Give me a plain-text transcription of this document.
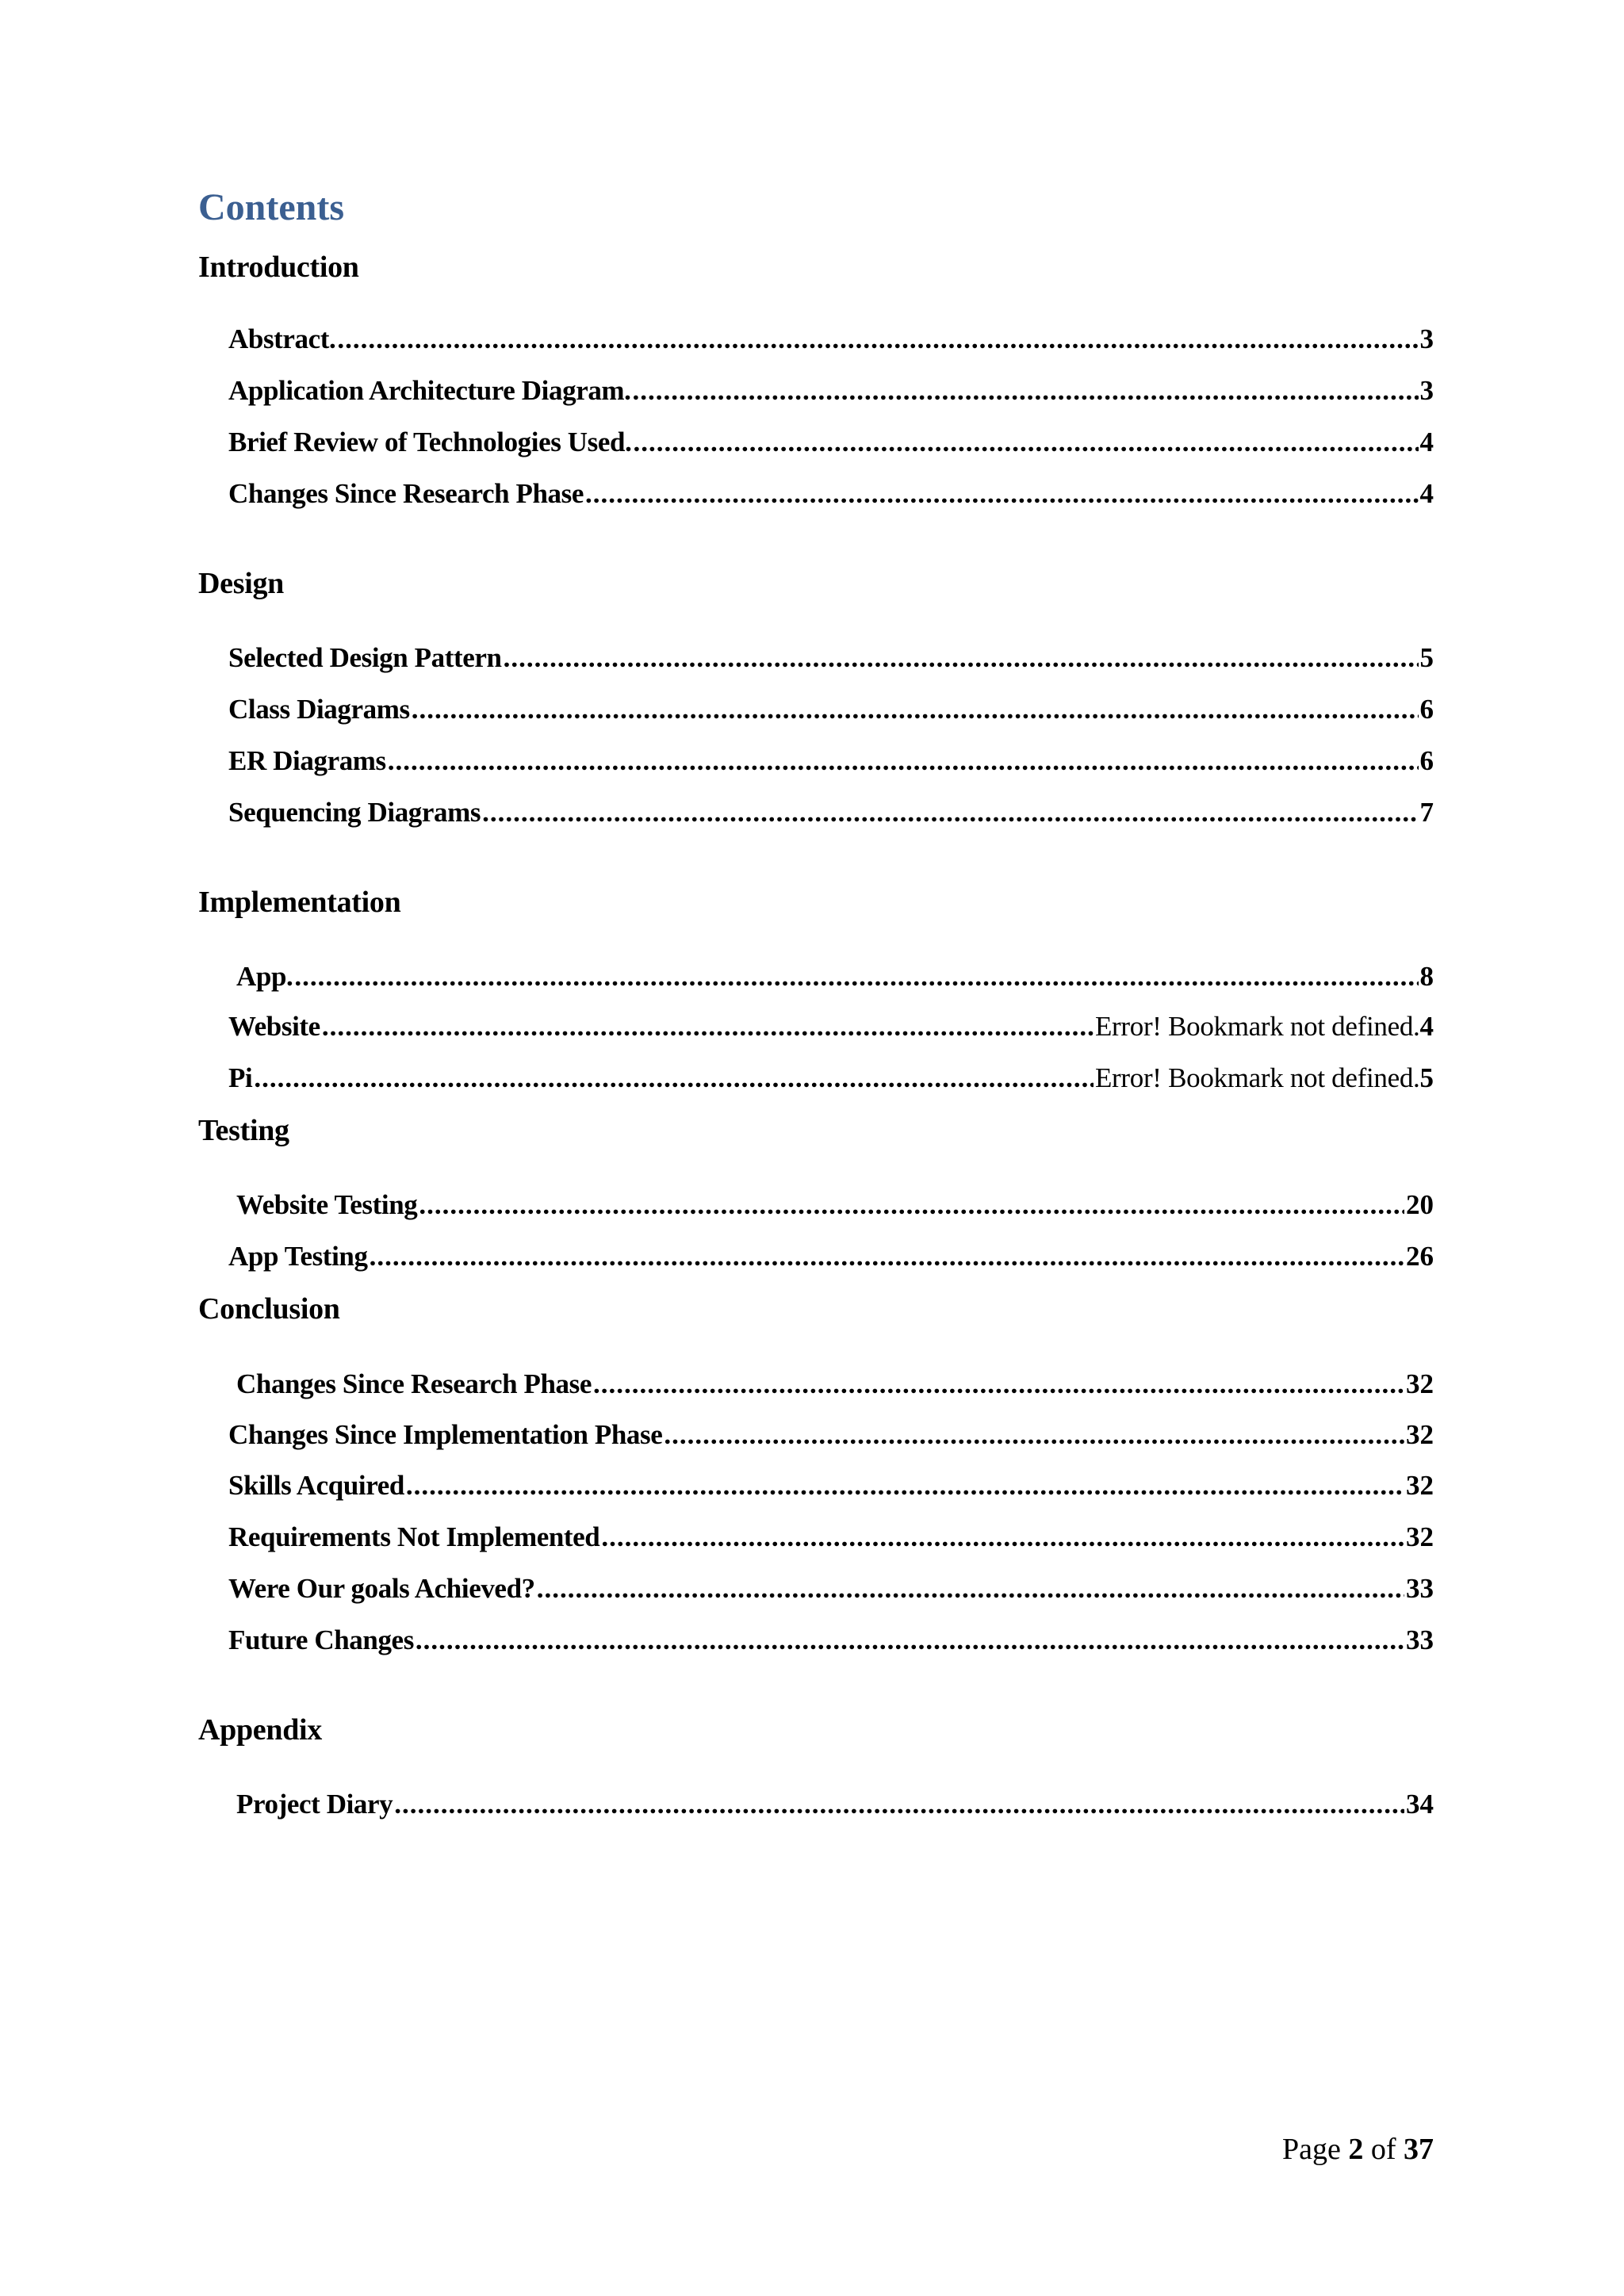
Contents
Introduction
Abstract. .....	3
Application Architecture Diagram. .....	3
Brief Review of Technologies Used. .....	4
Changes Since Research Phase .....	4
Design
Selected Design Pattern .....	5
Class Diagrams .....	6
ER Diagrams .....	6
Sequencing Diagrams .....	7
Implementation
App. .....	8
Website .....	Error! Bookmark not defined. 4
Pi .....	Error! Bookmark not defined. 5
Testing
Website Testing .....	20
App Testing .....	26
Conclusion
Changes Since Research Phase .....	32
Changes Since Implementation Phase .....	32
Skills Acquired .....	32
Requirements Not Implemented .....	32
Were Our goals Achieved? .....	33
Future Changes .....	33
Appendix
Project Diary .....	34
Page 2 of 37
